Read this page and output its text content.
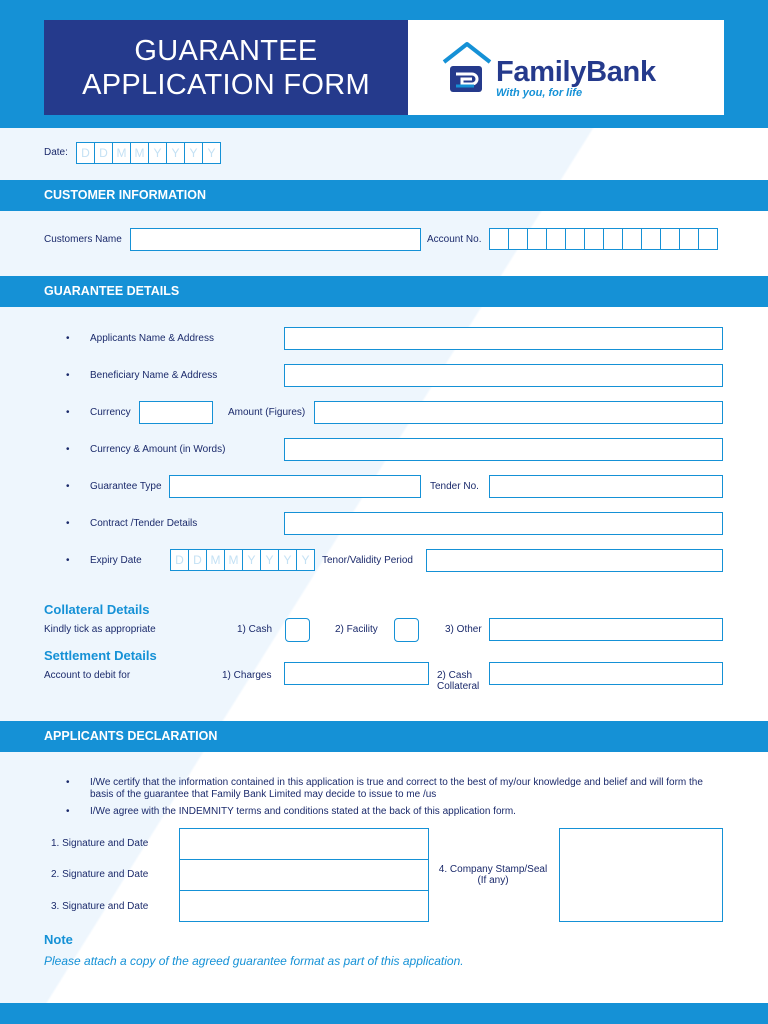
GUARANTEE
APPLICATION FORM	FamilyBank
With you, for life
Date:	D D M M Y Y Y Y
CUSTOMER INFORMATION
Customers Name	Account No.
GUARANTEE DETAILS
• Applicants Name & Address
• Beneficiary Name & Address
• Currency	Amount (Figures)
• Currency & Amount (in Words)
• Guarantee Type	Tender No.
• Contract /Tender Details
• Expiry Date	D D M M Y Y Y Y	Tenor/Validity Period
Collateral Details
Kindly tick as appropriate	1) Cash	2) Facility	3) Other
Settlement Details
Account to debit for	1) Charges	2) Cash
Collateral
APPLICANTS DECLARATION
• I/We certify that the information contained in this application is true and correct to the best of my/our knowledge and belief and will form the basis of the guarantee that Family Bank Limited may decide to issue to me /us
• I/We agree with the INDEMNITY terms and conditions stated at the back of this application form.
1. Signature and Date
2. Signature and Date
3. Signature and Date
4. Company Stamp/Seal
(If any)
Note
Please attach a copy of the agreed guarantee format as part of this application.
